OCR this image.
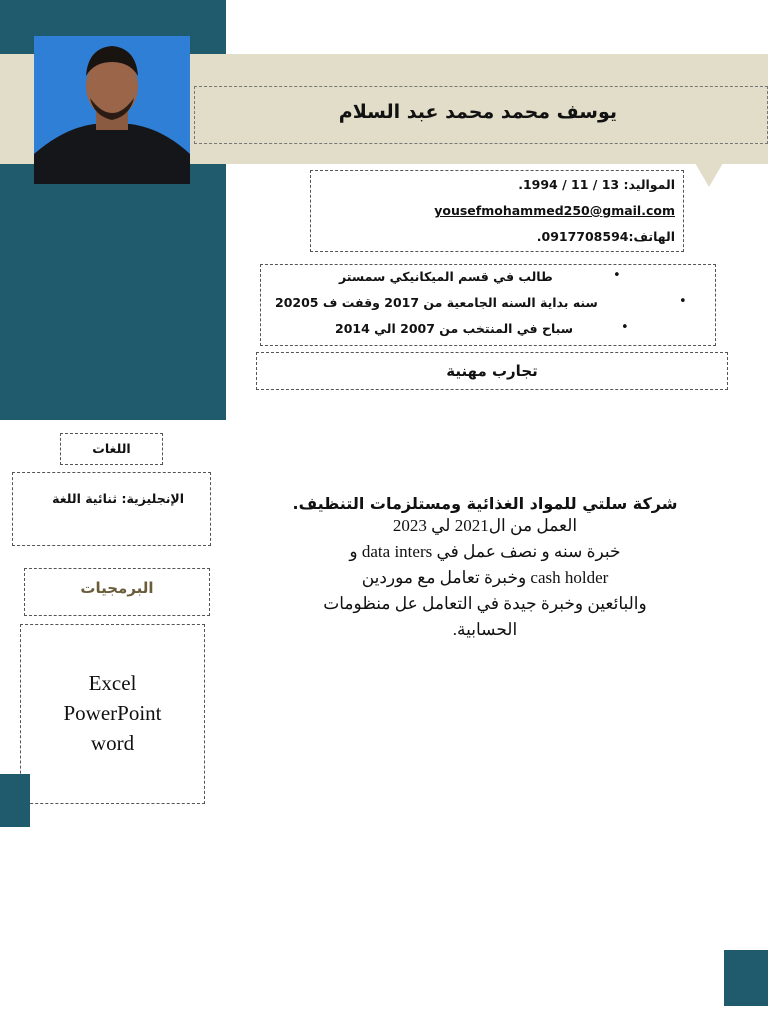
يوسف محمد محمد عبد السلام
المواليد: 13 / 11 / 1994.
yousefmohammed250@gmail.com
الهاتف:0917708594.
•
طالب في قسم الميكانيكي سمستر
•
سنه بداية السنه الجامعية من 2017 وقفت ف 20205
•
سباح في المنتخب من 2007 الي 2014
تجارب مهنية
شركة سلتي للمواد الغذائية ومستلزمات التنظيف.
العمل من ال2021 لي 2023
خبرة سنه و نصف عمل في data inters و
cash holder وخبرة تعامل مع موردين
والبائعين وخبرة جيدة في التعامل عل منظومات
الحسابية.
اللغات
الإنجليزية: ثنائية اللغة
البرمجيات
Excel
PowerPoint
word
